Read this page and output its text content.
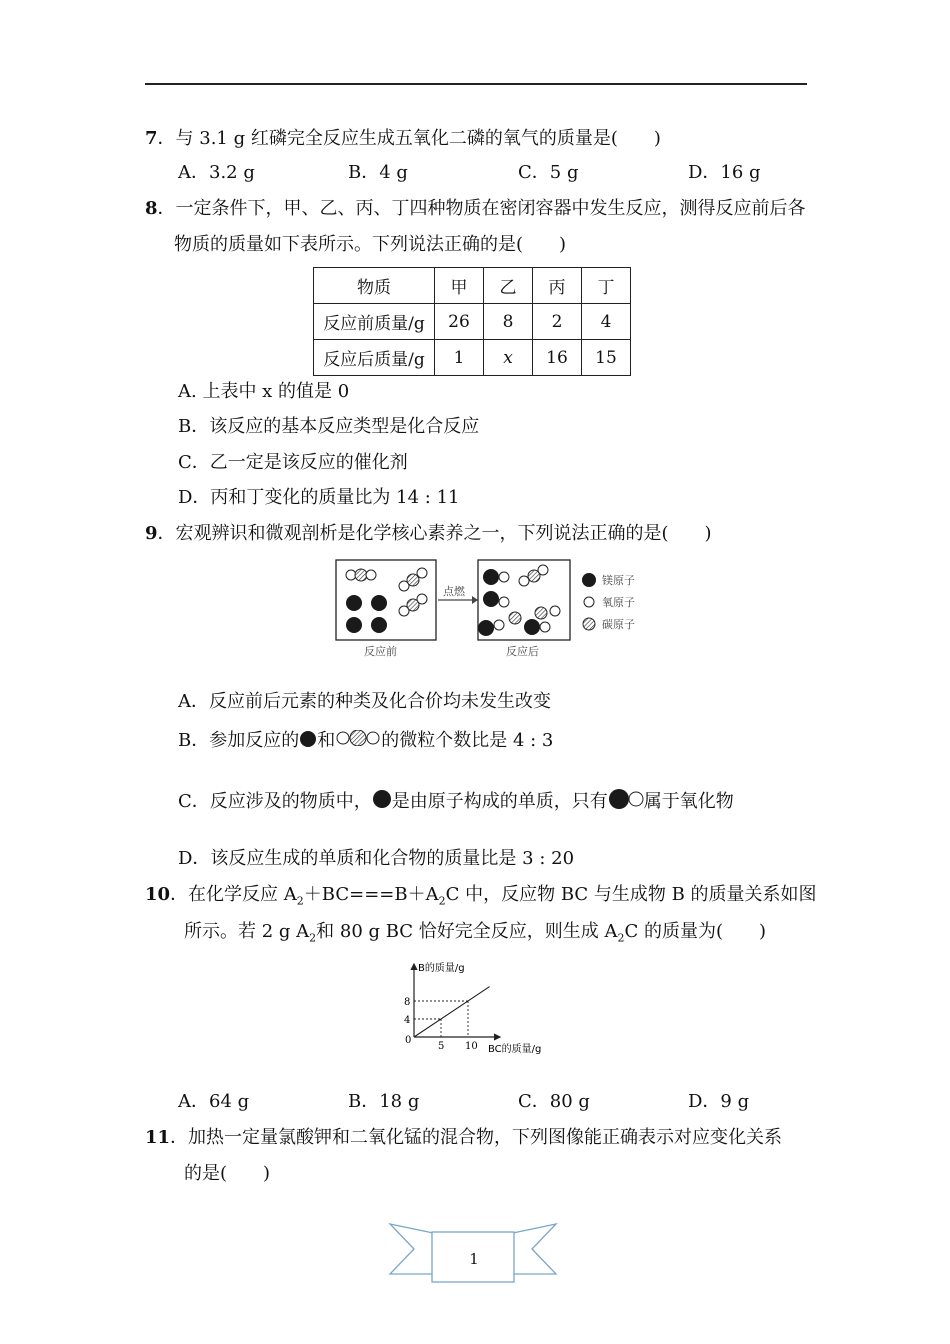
7．与 3.1 g 红磷完全反应生成五氧化二磷的氧气的质量是(　　)
A．3.2 g	B．4 g	C．5 g	D．16 g
8．一定条件下，甲、乙、丙、丁四种物质在密闭容器中发生反应，测得反应前后各
物质的质量如下表所示。下列说法正确的是(　　)
物质	甲	乙	丙	丁
反应前质量/g	26	8	2	4
反应后质量/g	1	x	16	15
A. 上表中 x 的值是 0
B．该反应的基本反应类型是化合反应
C．乙一定是该反应的催化剂
D．丙和丁变化的质量比为 14 : 11
9．宏观辨识和微观剖析是化学核心素养之一，下列说法正确的是(　　)
反应前
点燃
反应后
镁原子
氧原子
碳原子
A．反应前后元素的种类及化合价均未发生改变
B．参加反应的 和	的微粒个数比是 4 : 3
C．反应涉及的物质中， 是由原子构成的单质，只有 属于氧化物
D．该反应生成的单质和化合物的质量比是 3 : 20
10．在化学反应 $A_2+BC===B+A_2C$ 中，反应物 BC 与生成物 B 的质量关系如图
所示。若 2 g $A_2$和 80 g BC 恰好完全反应，则生成 $A_2C$ 的质量为(　　)
5 10
4
8
B的质量/g
BC的质量/g
0
A．64 g	B．18 g	C．80 g	D．9 g
11．加热一定量氯酸钾和二氧化锰的混合物，下列图像能正确表示对应变化关系
的是(　　)
1
